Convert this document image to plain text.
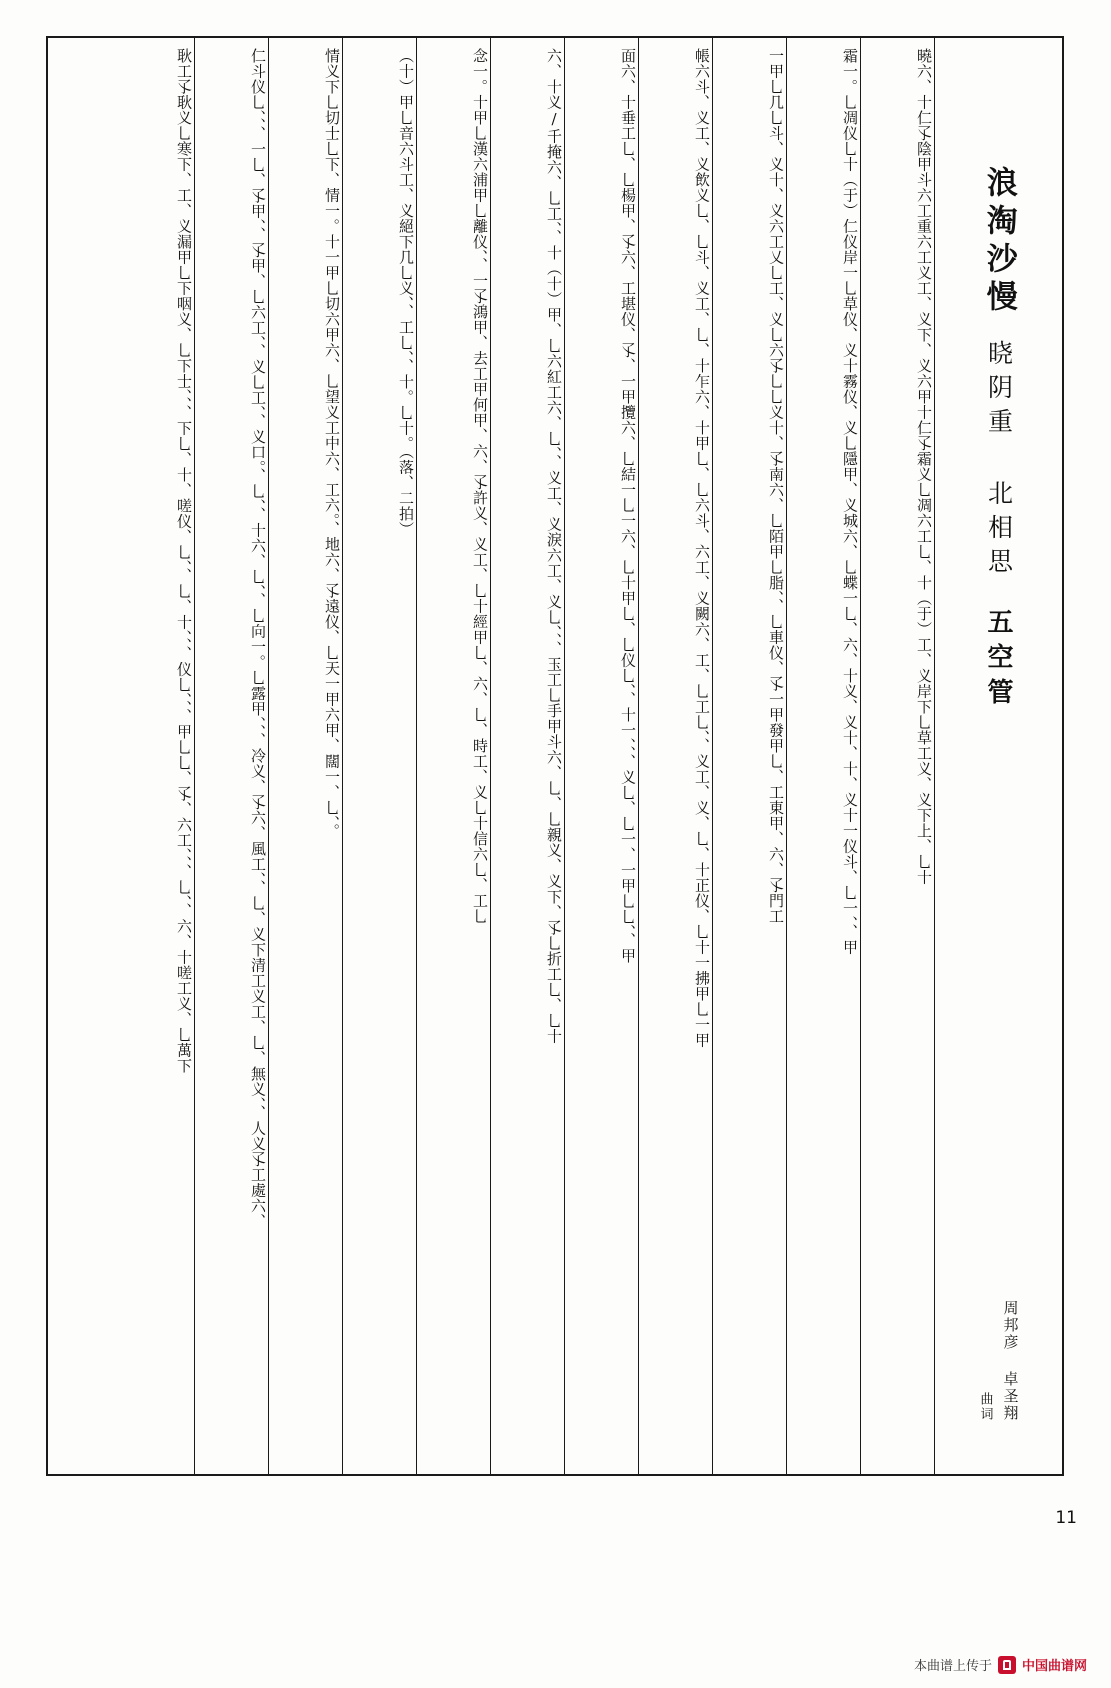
浪淘沙慢
晓阴重 北相思
五空管
周邦彦 卓圣翔
曲词
曉六、十仁孓陰甲斗六工重六工义工、义下、义六甲十仁孓霜义乚凋六工乚、十（于）工、义岸下乚草工义、义下上、乚十
霜一。乚凋仪乚十（于）仁仪岸一乚草仪、义十霧仪、义乚隱甲、义城六、乚蝶一乚、六、十义、义十、十、义十一仪斗、乚一、、甲
一甲乚几乚斗、义十、义六工乂乚工、义乚六孓乚乚义十、孓南六、乚陌甲乚脂、、乚車仪、孓一甲發甲乚、工東甲、六、孓門工
帳六斗、义工、义飲义乚、乚斗、义工、乚、十乍六、十甲乚、乚六斗、六工、义闕六、工、乚工乚、、义工、义、乚、十正仪、乚十一拂甲乚一甲
面六、十垂工乚、乚楊甲、孓六、工堪仪、孓、一甲攬六、乚結一乚一六、乚十甲乚、乚仪乚、、十一、、、义乚、乚一、一甲乚乚、、甲
六、十义/千掩六、乚工、、十（十）甲、乚六紅工六、乚、、义工、义淚六工、义乚、、、玉工乚手甲斗六、乚、乚親义、义下、孓乚折工乚、乚十
念一。十甲乚漢六浦甲乚離仪、、一孓鴻甲、去工甲何甲、六、孓許义、义工、乚十經甲乚、六、乚、時工、义乚十信六乚、工乚
（十）甲乚音六斗工、义絕下几乚义、、工乚、、十。乚十。（落、二拍）
情义下乚切士乚下、情一。十一甲乚切六甲六、乚望义工中六、工六。、地六、孓遠仪、乚天一甲六甲、闊一、乚、。
仁斗仪乚、、、一乚、孓甲、、孓甲、乚六工、、义乚工、、义口。、乚、、十六、乚、、乚向一。乚露甲、、、冷义、孓六、風工、、乚、义下清工义工、乚、無义、、人义孓工處六、
耿工孓耿义乚寒下、工、义漏甲乚下咽义、乚下士、、、下乚、十、嗟仪、乚、、乚、十、、、仪乚、、、甲乚乚、孓、六工、、、乚、、六、十嗟工义、乚萬下
11
本曲谱上传于 中国曲谱网
